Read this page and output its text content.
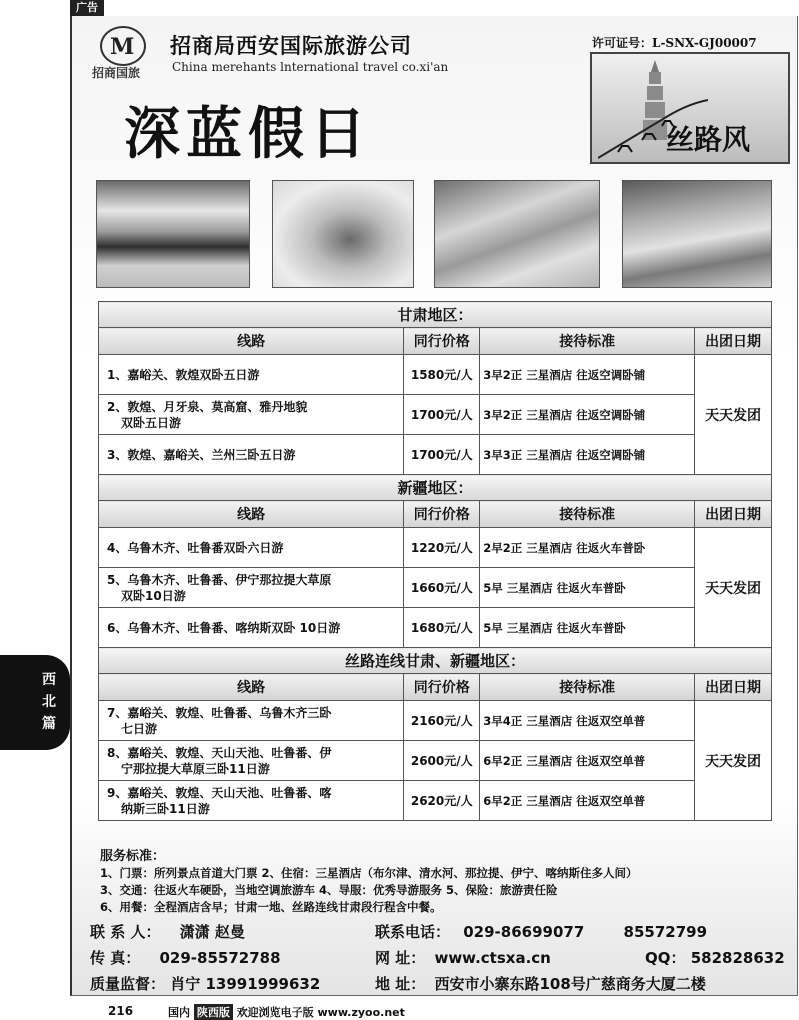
广告
M
招商国旅
招商局西安国际旅游公司
China merehants lnternational travel co.xi'an
许可证号：L-SNX-GJ00007
深蓝假日	丝路风
甘肃地区：			
线路	同行价格	接待标准	出团日期

1、嘉峪关、敦煌双卧五日游	1580元/人	3早2正 三星酒店 往返空调卧铺	天天发团

2、敦煌、月牙泉、莫高窟、雅丹地貌
双卧五日游	1700元/人	3早2正 三星酒店 往返空调卧铺	

3、敦煌、嘉峪关、兰州三卧五日游	1700元/人	3早3正 三星酒店 往返空调卧铺	
新疆地区：			
线路	同行价格	接待标准	出团日期

4、乌鲁木齐、吐鲁番双卧六日游	1220元/人	2早2正 三星酒店 往返火车普卧	天天发团

5、乌鲁木齐、吐鲁番、伊宁那拉提大草原
双卧10日游	1660元/人	5早 三星酒店 往返火车普卧	

6、乌鲁木齐、吐鲁番、喀纳斯双卧 10日游	1680元/人	5早 三星酒店 往返火车普卧	
丝路连线甘肃、新疆地区：			
线路	同行价格	接待标准	出团日期

7、嘉峪关、敦煌、吐鲁番、乌鲁木齐三卧
七日游	2160元/人	3早4正 三星酒店 往返双空单普	天天发团

8、嘉峪关、敦煌、天山天池、吐鲁番、伊
宁那拉提大草原三卧11日游	2600元/人	6早2正 三星酒店 往返双空单普	

9、嘉峪关、敦煌、天山天池、吐鲁番、喀
纳斯三卧11日游	2620元/人	6早2正 三星酒店 往返双空单普	
西北篇
服务标准：
1、门票：所列景点首道大门票 2、住宿：三星酒店（布尔津、清水河、那拉提、伊宁、喀纳斯住多人间）
3、交通：往返火车硬卧，当地空调旅游车 4、导服：优秀导游服务 5、保险：旅游责任险
6、用餐：全程酒店含早；甘肃一地、丝路连线甘肃段行程含中餐。
联 系 人： 潇潇 赵曼	联系电话： 029-86699077	85572799
传 真： 029-85572788	网 址： www.ctsxa.cn	QQ： 582828632
质量监督： 肖宁 13991999632	地 址： 西安市小寨东路108号广慈商务大厦二楼
216	国内 陕西版 欢迎浏览电子版 www.zyoo.net
